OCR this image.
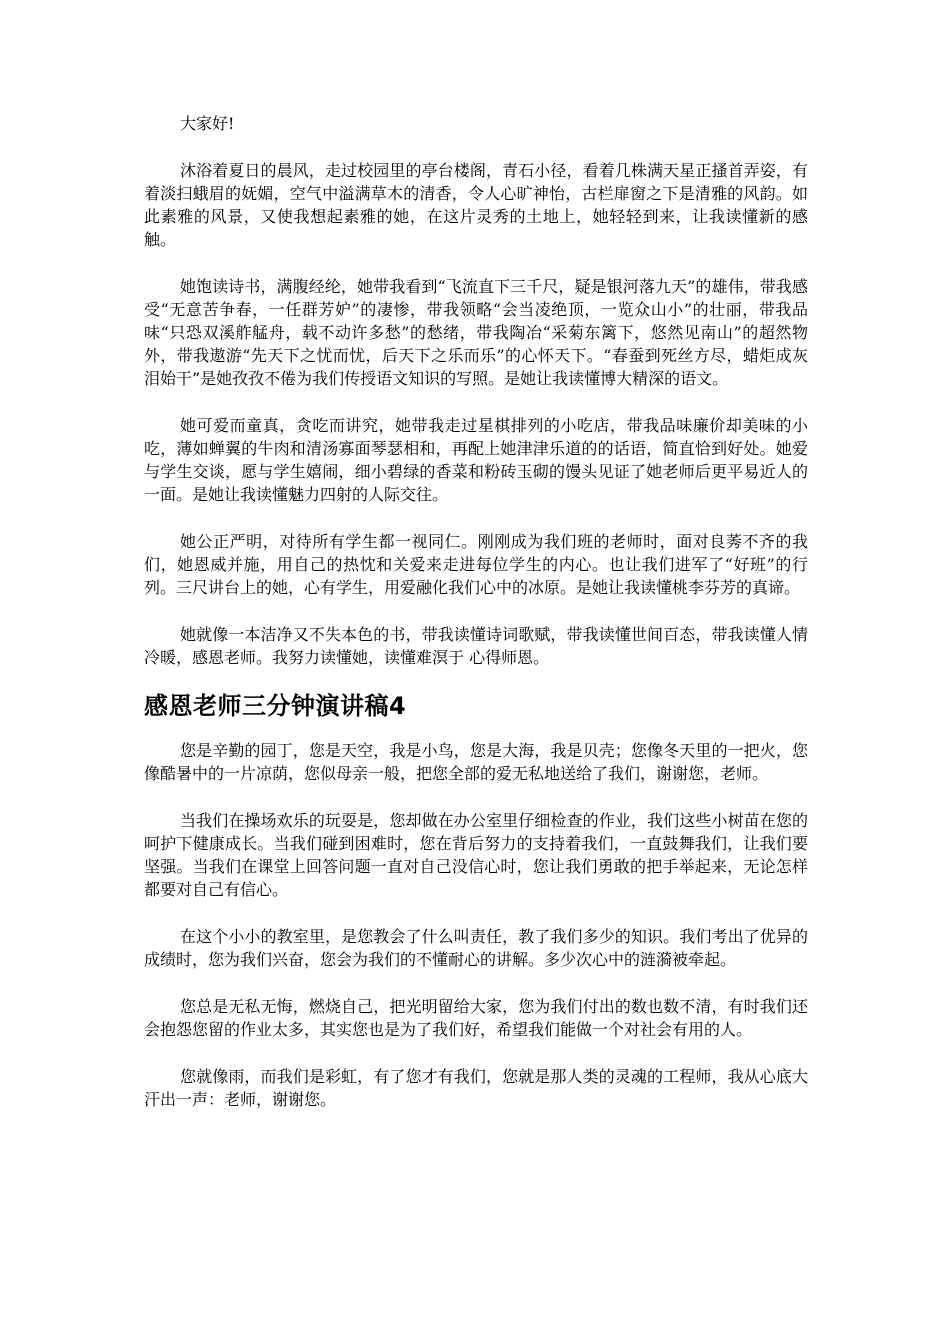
大家好!

沐浴着夏日的晨风，走过校园里的亭台楼阁，青石小径，看着几株满天星正搔首弄姿，有着淡扫蛾眉的妩媚，空气中溢满草木的清香，令人心旷神怡，古栏扉窗之下是清雅的风韵。如此素雅的风景，又使我想起素雅的她，在这片灵秀的土地上，她轻轻到来，让我读懂新的感触。

她饱读诗书，满腹经纶，她带我看到“飞流直下三千尺，疑是银河落九天”的雄伟，带我感受“无意苦争春，一任群芳妒”的凄惨，带我领略“会当凌绝顶，一览众山小”的壮丽，带我品味“只恐双溪舴艋舟，载不动许多愁”的愁绪，带我陶冶“采菊东篱下，悠然见南山”的超然物外，带我遨游“先天下之忧而忧，后天下之乐而乐”的心怀天下。“春蚕到死丝方尽，蜡炬成灰泪始干”是她孜孜不倦为我们传授语文知识的写照。是她让我读懂博大精深的语文。

她可爱而童真，贪吃而讲究，她带我走过星棋排列的小吃店，带我品味廉价却美味的小吃，薄如蝉翼的牛肉和清汤寡面琴瑟相和，再配上她津津乐道的的话语，简直恰到好处。她爱与学生交谈，愿与学生嬉闹，细小碧绿的香菜和粉砖玉砌的馒头见证了她老师后更平易近人的一面。是她让我读懂魅力四射的人际交往。

她公正严明，对待所有学生都一视同仁。刚刚成为我们班的老师时，面对良莠不齐的我们，她恩威并施，用自己的热忱和关爱来走进每位学生的内心。也让我们进军了“好班”的行列。三尺讲台上的她，心有学生，用爱融化我们心中的冰原。是她让我读懂桃李芬芳的真谛。

她就像一本洁净又不失本色的书，带我读懂诗词歌赋，带我读懂世间百态，带我读懂人情冷暖，感恩老师。我努力读懂她，读懂难溟于 心得师恩。

感恩老师三分钟演讲稿4

您是辛勤的园丁，您是天空，我是小鸟，您是大海，我是贝壳；您像冬天里的一把火，您像酷暑中的一片凉荫，您似母亲一般，把您全部的爱无私地送给了我们，谢谢您，老师。

当我们在操场欢乐的玩耍是，您却做在办公室里仔细检查的作业，我们这些小树苗在您的呵护下健康成长。当我们碰到困难时，您在背后努力的支持着我们，一直鼓舞我们，让我们要坚强。当我们在课堂上回答问题一直对自己没信心时，您让我们勇敢的把手举起来，无论怎样都要对自己有信心。

在这个小小的教室里，是您教会了什么叫责任，教了我们多少的知识。我们考出了优异的成绩时，您为我们兴奋，您会为我们的不懂耐心的讲解。多少次心中的涟漪被牵起。

您总是无私无悔，燃烧自己，把光明留给大家，您为我们付出的数也数不清，有时我们还会抱怨您留的作业太多，其实您也是为了我们好，希望我们能做一个对社会有用的人。

您就像雨，而我们是彩虹，有了您才有我们，您就是那人类的灵魂的工程师，我从心底大汗出一声：老师，谢谢您。
